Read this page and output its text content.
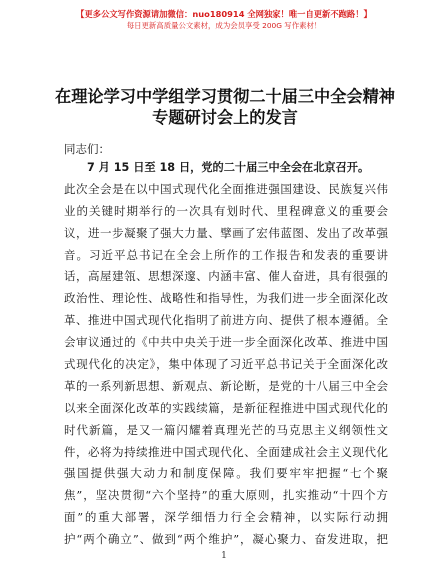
【更多公文写作资源请加微信：nuo180914 全网独家！唯一自更新不跑路！】
每日更新高质量公文素材，成为会员享受 200G 写作素材！
在理论学习中学组学习贯彻二十届三中全会精神专题研讨会上的发言
同志们：
7 月 15 日至 18 日，党的二十届三中全会在北京召开。
此次全会是在以中国式现代化全面推进强国建设、民族复兴伟
业的关键时期举行的一次具有划时代、里程碑意义的重要会
议，进一步凝聚了强大力量、擘画了宏伟蓝图、发出了改革强
音。习近平总书记在全会上所作的工作报告和发表的重要讲
话，高屋建瓴、思想深邃、内涵丰富、催人奋进，具有很强的
政治性、理论性、战略性和指导性，为我们进一步全面深化改
革、推进中国式现代化指明了前进方向、提供了根本遵循。全
会审议通过的《中共中央关于进一步全面深化改革、推进中国
式现代化的决定》，集中体现了习近平总书记关于全面深化改
革的一系列新思想、新观点、新论断，是党的十八届三中全会
以来全面深化改革的实践续篇，是新征程推进中国式现代化的
时代新篇，是又一篇闪耀着真理光芒的马克思主义纲领性文
件，必将为持续推进中国式现代化、全面建成社会主义现代化
强国提供强大动力和制度保障。我们要牢牢把握“七个聚
焦”，坚决贯彻“六个坚持”的重大原则，扎实推动“十四个方
面”的重大部署，深学细悟力行全会精神，以实际行动拥
护“两个确立”、做到“两个维护”，凝心聚力、奋发进取，把
1
